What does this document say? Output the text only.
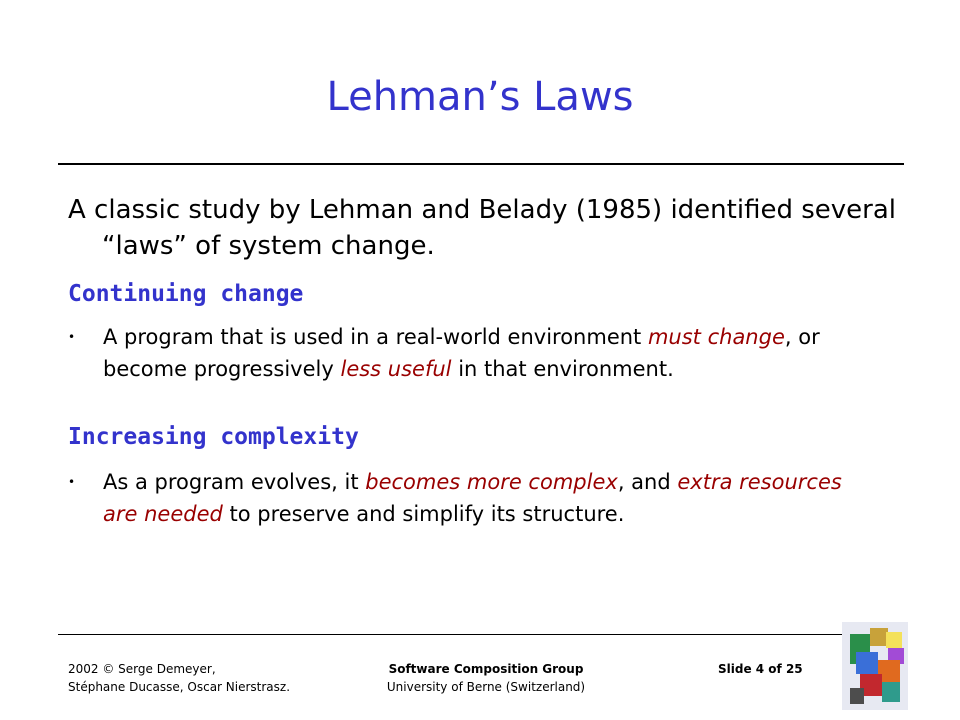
Lehman’s Laws
A classic study by Lehman and Belady (1985) identified several “laws” of system change.
Continuing change
• A program that is used in a real-world environment must change, or become progressively less useful in that environment.
Increasing complexity
• As a program evolves, it becomes more complex, and extra resources are needed to preserve and simplify its structure.
2002 © Serge Demeyer,
Stéphane Ducasse, Oscar Nierstrasz.
Software Composition Group
University of Berne (Switzerland)
Slide 4 of 25
